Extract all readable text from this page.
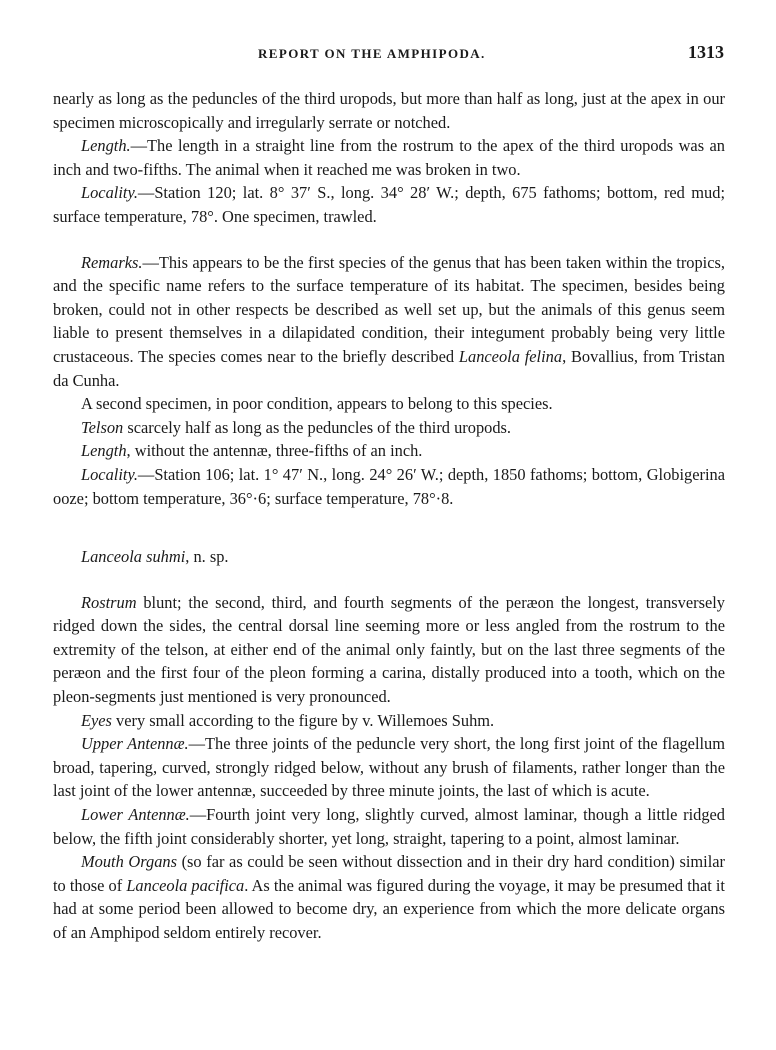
REPORT ON THE AMPHIPODA.	1313

nearly as long as the peduncles of the third uropods, but more than half as long, just at the apex in our specimen microscopically and irregularly serrate or notched.

Length.—The length in a straight line from the rostrum to the apex of the third uropods was an inch and two-fifths. The animal when it reached me was broken in two.

Locality.—Station 120; lat. 8° 37′ S., long. 34° 28′ W.; depth, 675 fathoms; bottom, red mud; surface temperature, 78°. One specimen, trawled.

Remarks.—This appears to be the first species of the genus that has been taken within the tropics, and the specific name refers to the surface temperature of its habitat. The specimen, besides being broken, could not in other respects be described as well set up, but the animals of this genus seem liable to present themselves in a dilapidated condition, their integument probably being very little crustaceous. The species comes near to the briefly described Lanceola felina, Bovallius, from Tristan da Cunha.

A second specimen, in poor condition, appears to belong to this species.

Telson scarcely half as long as the peduncles of the third uropods.

Length, without the antennæ, three-fifths of an inch.

Locality.—Station 106; lat. 1° 47′ N., long. 24° 26′ W.; depth, 1850 fathoms; bottom, Globigerina ooze; bottom temperature, 36°·6; surface temperature, 78°·8.

Lanceola suhmi, n. sp.

Rostrum blunt; the second, third, and fourth segments of the peræon the longest, transversely ridged down the sides, the central dorsal line seeming more or less angled from the rostrum to the extremity of the telson, at either end of the animal only faintly, but on the last three segments of the peræon and the first four of the pleon forming a carina, distally produced into a tooth, which on the pleon-segments just mentioned is very pronounced.

Eyes very small according to the figure by v. Willemoes Suhm.

Upper Antennæ.—The three joints of the peduncle very short, the long first joint of the flagellum broad, tapering, curved, strongly ridged below, without any brush of filaments, rather longer than the last joint of the lower antennæ, succeeded by three minute joints, the last of which is acute.

Lower Antennæ.—Fourth joint very long, slightly curved, almost laminar, though a little ridged below, the fifth joint considerably shorter, yet long, straight, tapering to a point, almost laminar.

Mouth Organs (so far as could be seen without dissection and in their dry hard condition) similar to those of Lanceola pacifica. As the animal was figured during the voyage, it may be presumed that it had at some period been allowed to become dry, an experience from which the more delicate organs of an Amphipod seldom entirely recover.
